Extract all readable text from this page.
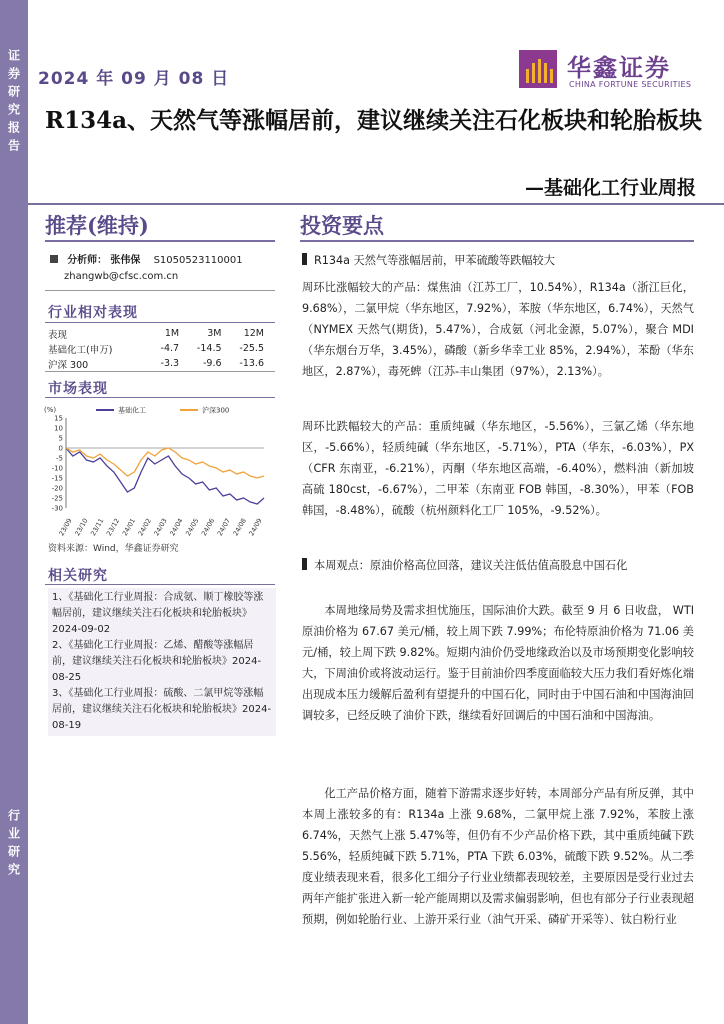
证券研究报告
行业研究
2024 年 09 月 08 日	华鑫证券
CHINA FORTUNE SECURITIES
R134a、天然气等涨幅居前，建议继续关注石化板块和轮胎板块
—基础化工行业周报
推荐(维持)
分析师： 张伟保 S1050523110001
zhangwb@cfsc.com.cn
行业相对表现
表现	1M	3M	12M
基础化工(申万)	-4.7	-14.5	-25.5
沪深 300	-3.3	-9.6	-13.6
市场表现
(%)
15
10
5
0
-5
-10
-15
-20
-25
-30
23/09 23/10 23/11 23/12 24/01 24/02 24/03 24/04 24/05 24/06 24/07 24/08 24/09
基础化工	沪深300
资料来源：Wind，华鑫证券研究
相关研究

1、《基础化工行业周报：合成氨、顺丁橡胶等涨幅居前，建议继续关注石化板块和轮胎板块》2024-09-02

2、《基础化工行业周报：乙烯、醋酸等涨幅居前，建议继续关注石化板块和轮胎板块》2024-08-25

3、《基础化工行业周报：硫酸、二氯甲烷等涨幅居前，建议继续关注石化板块和轮胎板块》2024-08-19

投资要点
R134a 天然气等涨幅居前，甲苯硫酸等跌幅较大
周环比涨幅较大的产品：煤焦油（江苏工厂，10.54%），R134a（浙江巨化，9.68%），二氯甲烷（华东地区，7.92%），苯胺（华东地区，6.74%），天然气（NYMEX 天然气(期货)，5.47%），合成氨（河北金源，5.07%），聚合 MDI（华东烟台万华，3.45%），磷酸（新乡华幸工业 85%，2.94%），苯酚（华东地区，2.87%），毒死蜱（江苏-丰山集团（97%），2.13%）。
周环比跌幅较大的产品：重质纯碱（华东地区，-5.56%），三氯乙烯（华东地区，-5.66%），轻质纯碱（华东地区，-5.71%），PTA（华东，-6.03%），PX（CFR 东南亚，-6.21%），丙酮（华东地区高端，-6.40%），燃料油（新加坡高硫 180cst，-6.67%），二甲苯（东南亚 FOB 韩国，-8.30%），甲苯（FOB 韩国，-8.48%），硫酸（杭州颜料化工厂 105%，-9.52%）。
本周观点：原油价格高位回落，建议关注低估值高股息中国石化
本周地缘局势及需求担忧施压，国际油价大跌。截至 9 月 6 日收盘， WTI 原油价格为 67.67 美元/桶，较上周下跌 7.99%；布伦特原油价格为 71.06 美元/桶，较上周下跌 9.82%。短期内油价仍受地缘政治以及市场预期变化影响较大，下周油价或将波动运行。鉴于目前油价四季度面临较大压力我们看好炼化端出现成本压力缓解后盈利有望提升的中国石化，同时由于中国石油和中国海油回调较多，已经反映了油价下跌，继续看好回调后的中国石油和中国海油。
化工产品价格方面，随着下游需求逐步好转，本周部分产品有所反弹，其中本周上涨较多的有：R134a 上涨 9.68%，二氯甲烷上涨 7.92%，苯胺上涨 6.74%，天然气上涨 5.47%等，但仍有不少产品价格下跌，其中重质纯碱下跌 5.56%，轻质纯碱下跌 5.71%，PTA 下跌 6.03%，硫酸下跌 9.52%。从二季度业绩表现来看，很多化工细分子行业业绩都表现较差，主要原因是受行业过去两年产能扩张进入新一轮产能周期以及需求偏弱影响，但也有部分子行业表现超预期，例如轮胎行业、上游开采行业（油气开采、磷矿开采等）、钛白粉行业
